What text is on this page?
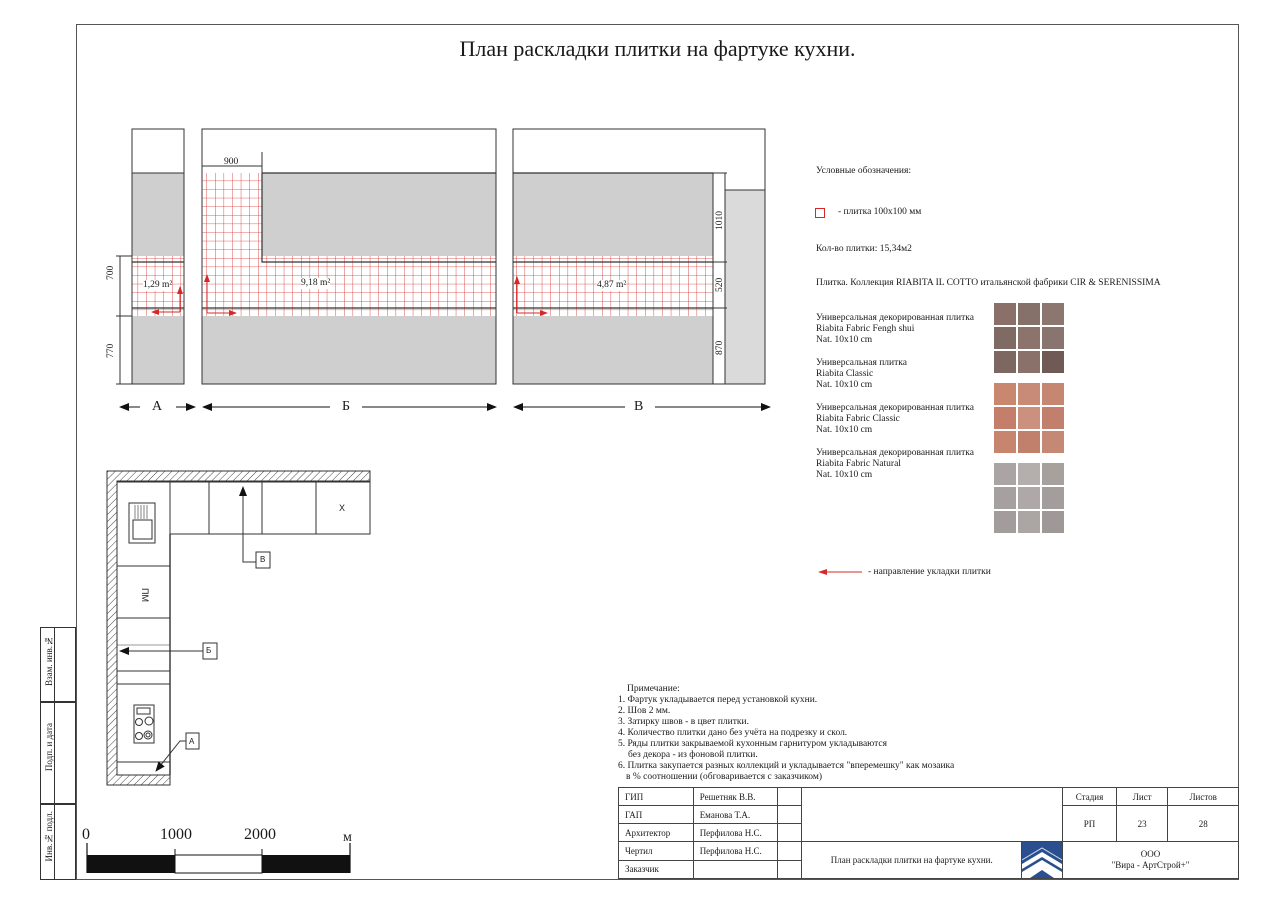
План раскладки плитки на фартуке кухни.
900
700
770
1010
520
870
1,29 m²	9,18 m²	4,87 m²
А	Б	В
Условные обозначения:
- плитка 100х100 мм
Кол-во плитки: 15,34м2
Плитка. Коллекция RIABITA IL COTTO итальянской фабрики CIR & SERENISSIMA
Универсальная декорированная плитка
Riabita Fabric Fengh shui
Nat. 10x10 cm
Универсальная плитка
Riabita Classic
Nat. 10x10 cm
Универсальная декорированная плитка
Riabita Fabric Classic
Nat. 10x10 cm
Универсальная декорированная плитка
Riabita Fabric Natural
Nat. 10x10 cm
- направление укладки плитки
ПМ
Х
В
Б
А
0	1000	2000	м
Взам. инв.№
Подп. и дата
Инв.№ подл.
Примечание:
1. Фартук укладывается перед установкой кухни.
2. Шов 2 мм.
3. Затирку швов - в цвет плитки.
4. Количество плитки дано без учёта на подрезку и скол.
5. Ряды плитки закрываемой кухонным гарнитуром укладываются
без декора - из фоновой плитки.
6. Плитка закупается разных коллекций и укладывается "вперемешку" как мозаика
в % соотношении (обговаривается с заказчиком)
ГИП	Решетняк В.В.				Стадия	Лист	Листов
ГАП	Еманова Т.А.				РП	23	28
Архитектор	Перфилова Н.С.						
Чертил	Перфилова Н.С.		План раскладки плитки на фартуке кухни.		ООО
"Вира - АртСтрой+"		

Заказчик							
